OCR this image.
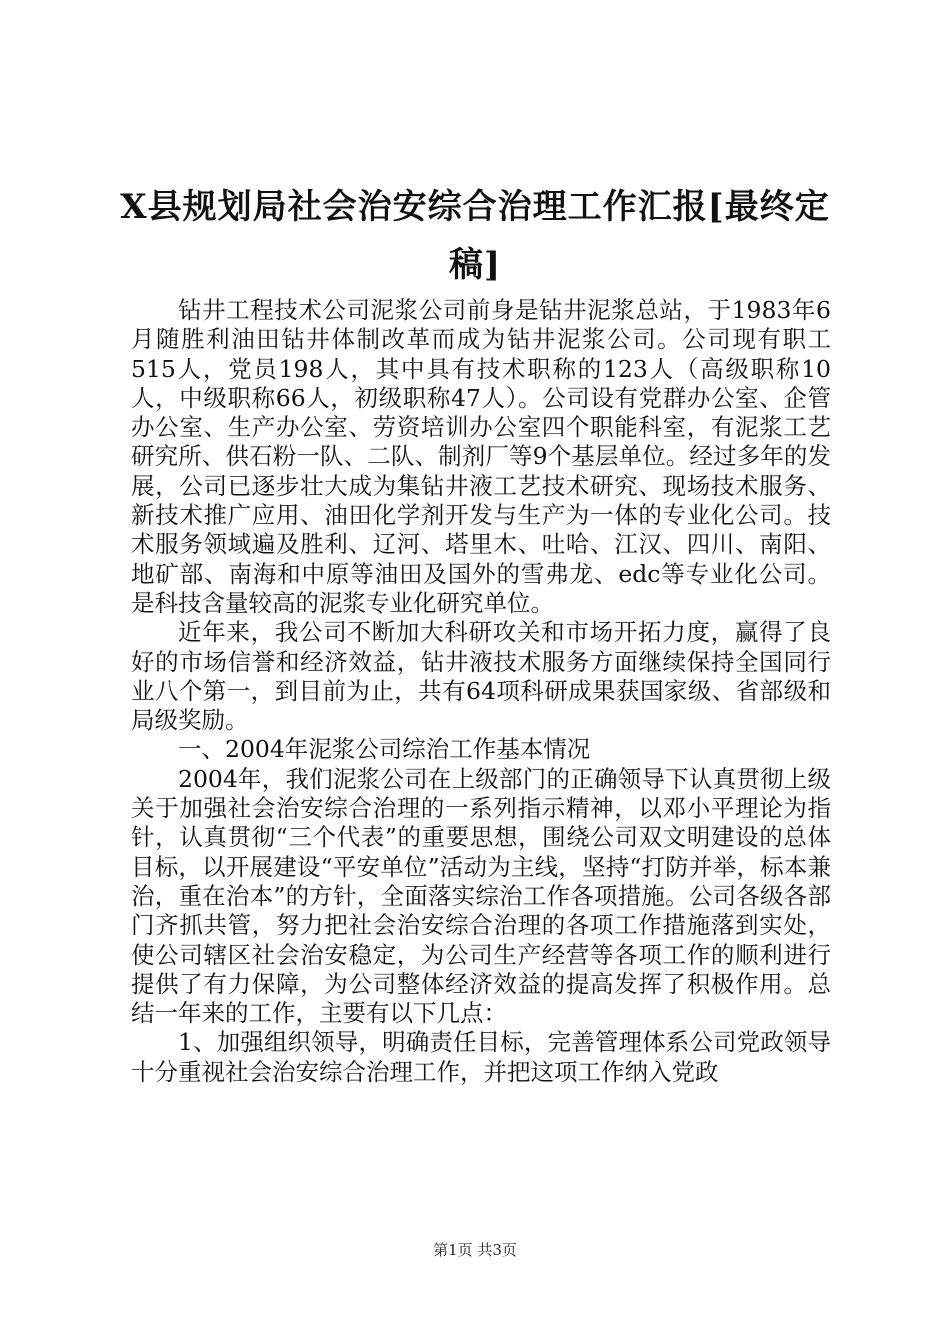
X县规划局社会治安综合治理工作汇报[最终定稿]

钻井工程技术公司泥浆公司前身是钻井泥浆总站，于1983年6月随胜利油田钻井体制改革而成为钻井泥浆公司。公司现有职工515人，党员198人，其中具有技术职称的123人（高级职称10人，中级职称66人，初级职称47人）。公司设有党群办公室、企管办公室、生产办公室、劳资培训办公室四个职能科室，有泥浆工艺研究所、供石粉一队、二队、制剂厂等9个基层单位。经过多年的发展，公司已逐步壮大成为集钻井液工艺技术研究、现场技术服务、新技术推广应用、油田化学剂开发与生产为一体的专业化公司。技术服务领域遍及胜利、辽河、塔里木、吐哈、江汉、四川、南阳、地矿部、南海和中原等油田及国外的雪弗龙、edc等专业化公司。是科技含量较高的泥浆专业化研究单位。

近年来，我公司不断加大科研攻关和市场开拓力度，赢得了良好的市场信誉和经济效益，钻井液技术服务方面继续保持全国同行业八个第一，到目前为止，共有64项科研成果获国家级、省部级和局级奖励。

一、2004年泥浆公司综治工作基本情况

2004年，我们泥浆公司在上级部门的正确领导下认真贯彻上级关于加强社会治安综合治理的一系列指示精神，以邓小平理论为指针，认真贯彻“三个代表”的重要思想，围绕公司双文明建设的总体目标，以开展建设“平安单位”活动为主线，坚持“打防并举，标本兼治，重在治本”的方针，全面落实综治工作各项措施。公司各级各部门齐抓共管，努力把社会治安综合治理的各项工作措施落到实处，使公司辖区社会治安稳定，为公司生产经营等各项工作的顺利进行提供了有力保障，为公司整体经济效益的提高发挥了积极作用。总结一年来的工作，主要有以下几点：

1、加强组织领导，明确责任目标，完善管理体系公司党政领导十分重视社会治安综合治理工作，并把这项工作纳入党政

第1页 共3页
